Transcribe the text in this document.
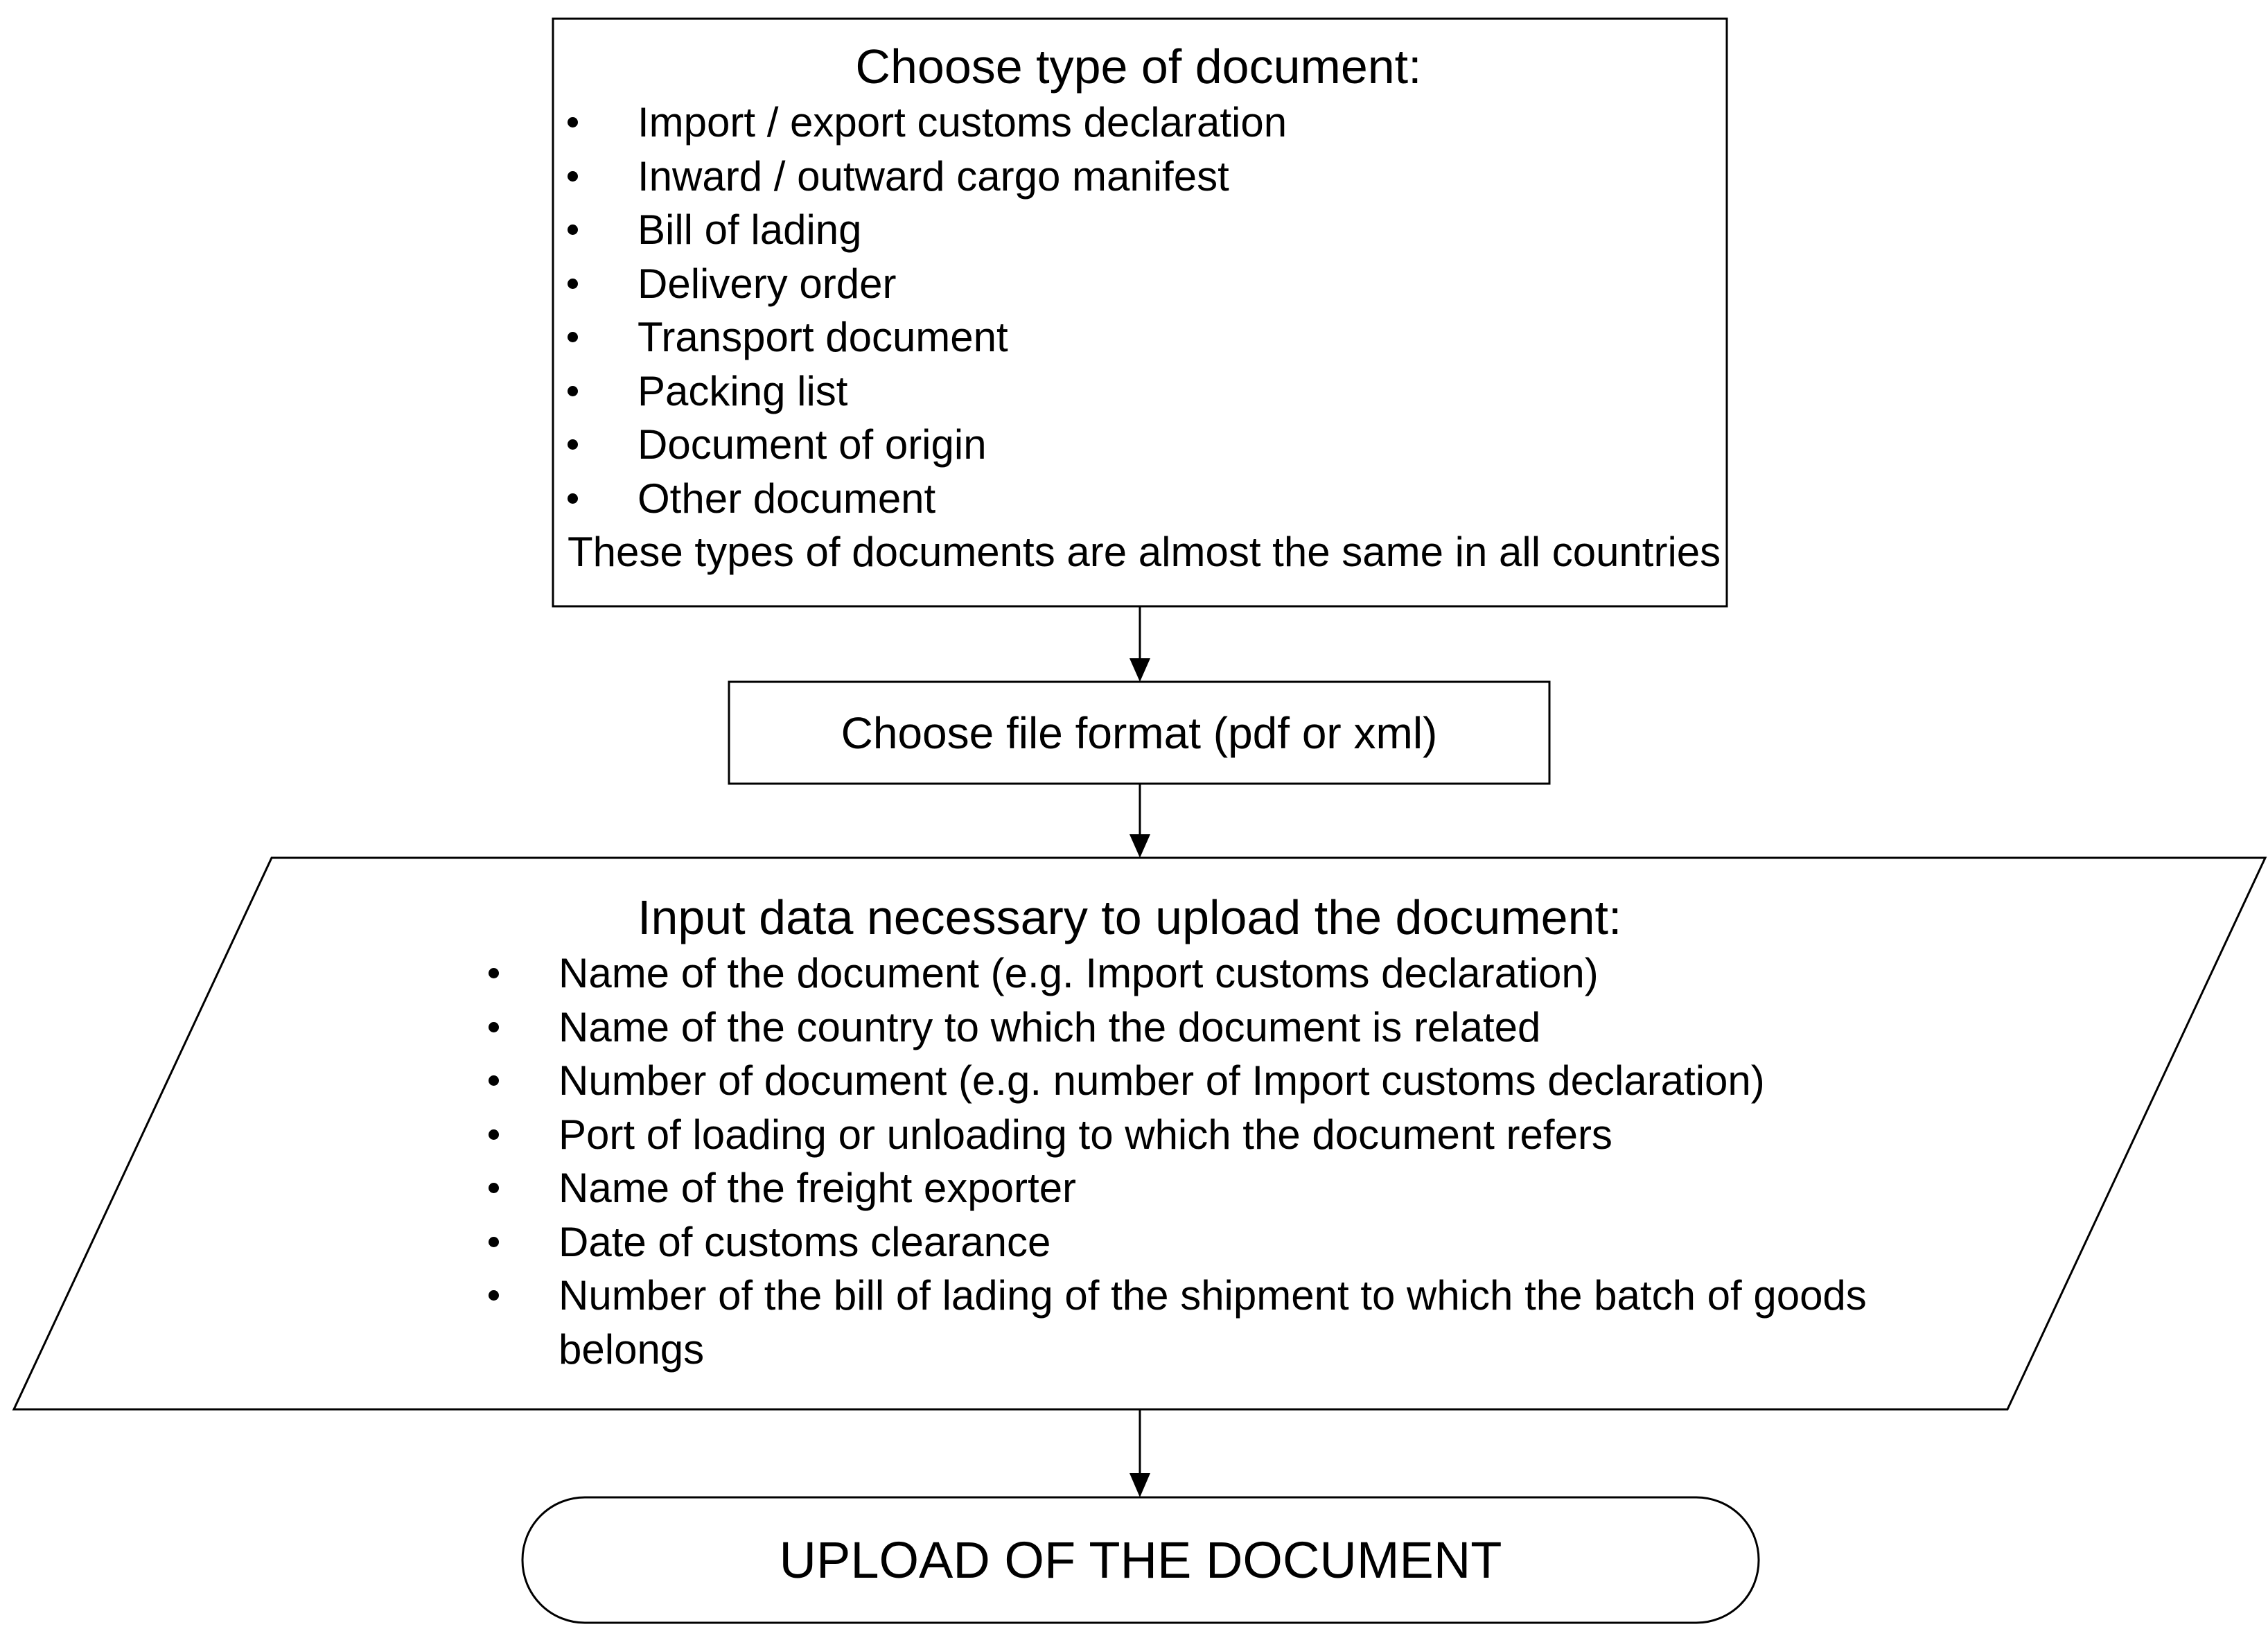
Choose type of document:
Import / export customs declaration
Inward / outward cargo manifest
Bill of lading
Delivery order
Transport document
Packing list
Document of origin
Other document
These types of documents are almost the same in all countries
Choose file format (pdf or xml)
Input data necessary to upload the document:
Name of the document (e.g. Import customs declaration)
Name of the country to which the document is related
Number of document (e.g. number of Import customs declaration)
Port of loading or unloading to which the document refers
Name of the freight exporter
Date of customs clearance
Number of the bill of lading of the shipment to which the batch of goods belongs
UPLOAD OF THE DOCUMENT
